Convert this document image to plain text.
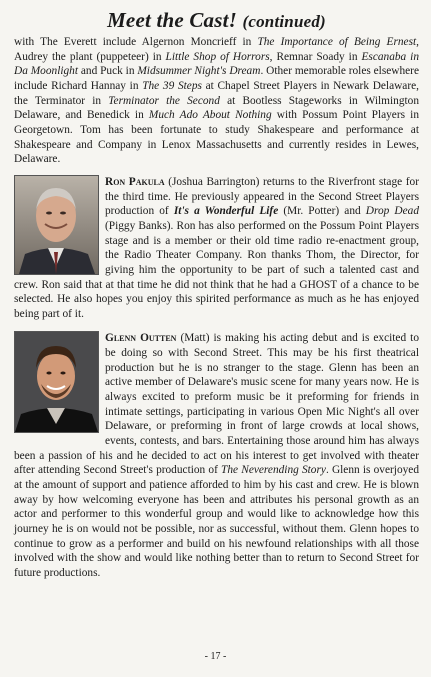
Meet the Cast! (continued)

with The Everett include Algernon Moncrieff in The Importance of Being Ernest, Audrey the plant (puppeteer) in Little Shop of Horrors, Remnar Soady in Escanaba in Da Moonlight and Puck in Midsummer Night's Dream. Other memorable roles elsewhere include Richard Hannay in The 39 Steps at Chapel Street Players in Newark Delaware, the Terminator in Terminator the Second at Bootless Stageworks in Wilmington Delaware, and Benedick in Much Ado About Nothing with Possum Point Players in Georgetown. Tom has been fortunate to study Shakespeare and performance at Shakespeare and Company in Lenox Massachusetts and currently resides in Lewes, Delaware.

Ron Pakula (Joshua Barrington) returns to the Riverfront stage for the third time. He previously appeared in the Second Street Players production of It's a Wonderful Life (Mr. Potter) and Drop Dead (Piggy Banks). Ron has also performed on the Possum Point Players stage and is a member or their old time radio re-enactment group, the Radio Theater Company. Ron thanks Thom, the Director, for giving him the opportunity to be part of such a talented cast and crew. Ron said that at that time he did not think that he had a GHOST of a chance to be selected. He also hopes you enjoy this spirited performance as much as he has enjoyed being part of it.

Glenn Outten (Matt) is making his acting debut and is excited to be doing so with Second Street. This may be his first theatrical production but he is no stranger to the stage. Glenn has been an active member of Delaware's music scene for many years now. He is always excited to preform music be it preforming for friends in intimate settings, participating in various Open Mic Night's all over Delaware, or preforming in front of large crowds at local shows, events, contests, and bars. Entertaining those around him has always been a passion of his and he decided to act on his interest to get involved with theater after attending Second Street's production of The Neverending Story. Glenn is overjoyed at the amount of support and patience afforded to him by his cast and crew. He is blown away by how welcoming everyone has been and attributes his personal growth as an actor and performer to this wonderful group and would like to acknowledge how this journey he is on would not be possible, nor as successful, without them. Glenn hopes to continue to grow as a performer and build on his newfound relationships with all those involved with the show and would like nothing better than to return to Second Street for future productions.

- 17 -
